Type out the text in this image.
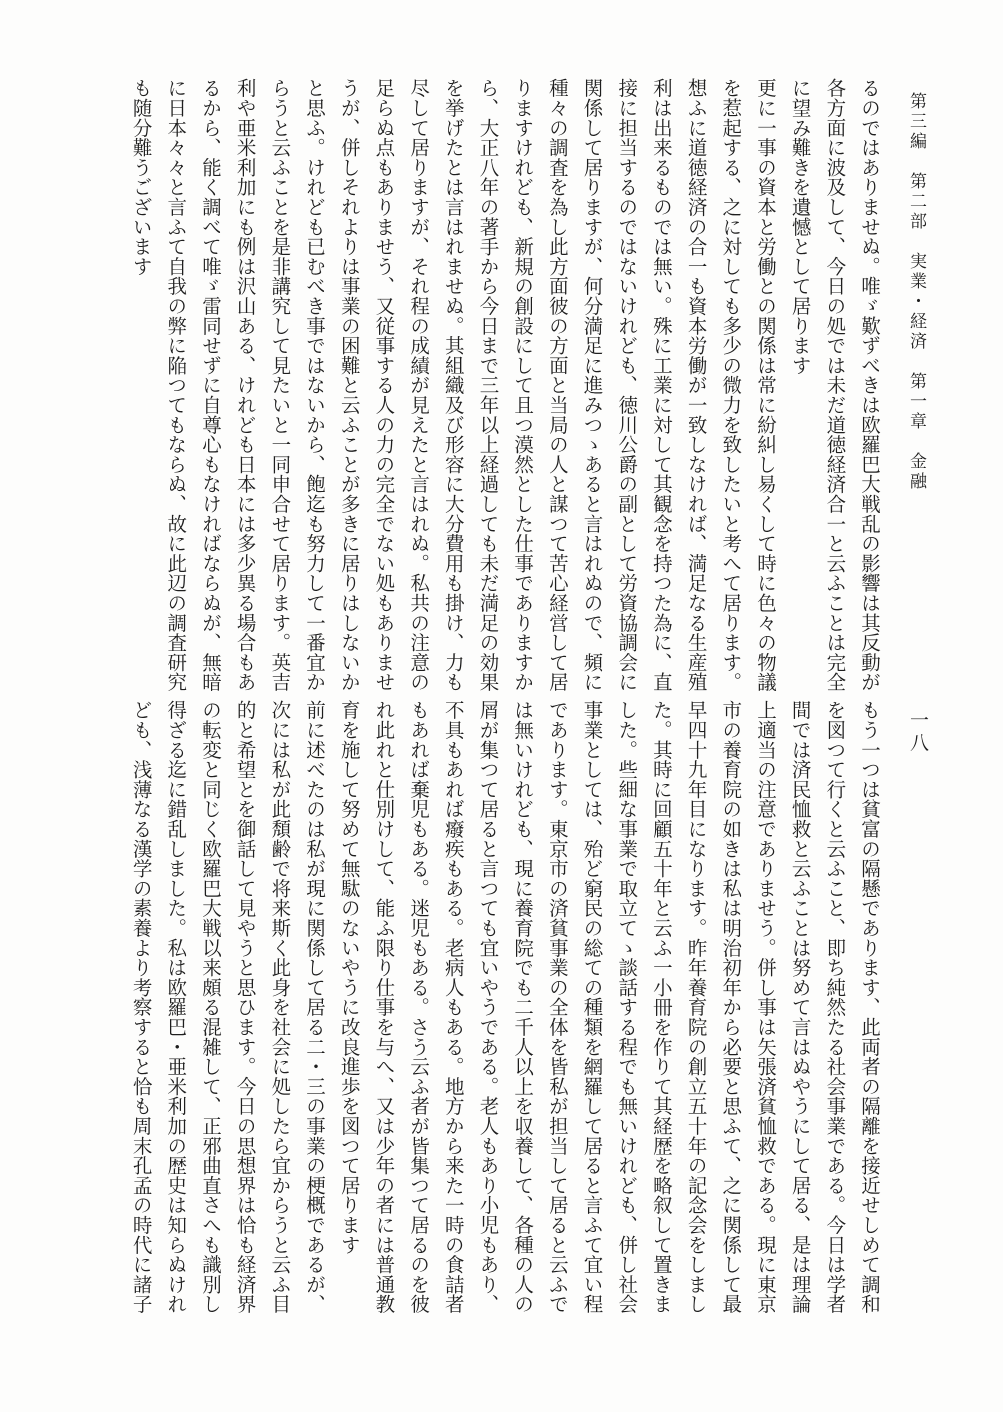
第三編　第二部　実業・経済　第一章　金融
一八
るのではありませぬ。唯ゞ歎ずべきは欧羅巴大戦乱の影響は其反動が
各方面に波及して、今日の処では未だ道徳経済合一と云ふことは完全
に望み難きを遺憾として居ります
更に一事の資本と労働との関係は常に紛糾し易くして時に色々の物議
を惹起する、之に対しても多少の微力を致したいと考へて居ります。
想ふに道徳経済の合一も資本労働が一致しなければ、満足なる生産殖
利は出来るものでは無い。殊に工業に対して其観念を持つた為に、直
接に担当するのではないけれども、徳川公爵の副として労資協調会に
関係して居りますが、何分満足に進みつゝあると言はれぬので、頻に
種々の調査を為し此方面彼の方面と当局の人と謀つて苦心経営して居
りますけれども、新規の創設にして且つ漠然とした仕事でありますか
ら、大正八年の著手から今日まで三年以上経過しても未だ満足の効果
を挙げたとは言はれませぬ。其組織及び形容に大分費用も掛け、力も
尽して居りますが、それ程の成績が見えたと言はれぬ。私共の注意の
足らぬ点もありませう、又従事する人の力の完全でない処もありませ
うが、併しそれよりは事業の困難と云ふことが多きに居りはしないか
と思ふ。けれども已むべき事ではないから、飽迄も努力して一番宜か
らうと云ふことを是非講究して見たいと一同申合せて居ります。英吉
利や亜米利加にも例は沢山ある、けれども日本には多少異る場合もあ
るから、能く調べて唯ゞ雷同せずに自尊心もなければならぬが、無暗
に日本々々と言ふて自我の弊に陥つてもならぬ、故に此辺の調査研究
も随分難うございます
もう一つは貧富の隔懸であります、此両者の隔離を接近せしめて調和
を図つて行くと云ふこと、即ち純然たる社会事業である。今日は学者
間では済民恤救と云ふことは努めて言はぬやうにして居る、是は理論
上適当の注意でありませう。併し事は矢張済貧恤救である。現に東京
市の養育院の如きは私は明治初年から必要と思ふて、之に関係して最
早四十九年目になります。昨年養育院の創立五十年の記念会をしまし
た。其時に回顧五十年と云ふ一小冊を作りて其経歴を略叙して置きま
した。些細な事業で取立てゝ談話する程でも無いけれども、併し社会
事業としては、殆ど窮民の総ての種類を網羅して居ると言ふて宜い程
であります。東京市の済貧事業の全体を皆私が担当して居ると云ふで
は無いけれども、現に養育院でも二千人以上を収養して、各種の人の
屑が集つて居ると言つても宜いやうである。老人もあり小児もあり、
不具もあれば癈疾もある。老病人もある。地方から来た一時の食詰者
もあれば棄児もある。迷児もある。さう云ふ者が皆集つて居るのを彼
れ此れと仕別けして、能ふ限り仕事を与へ、又は少年の者には普通教
育を施して努めて無駄のないやうに改良進歩を図つて居ります
前に述べたのは私が現に関係して居る二・三の事業の梗概であるが、
次には私が此頽齢で将来斯く此身を社会に処したら宜からうと云ふ目
的と希望とを御話して見やうと思ひます。今日の思想界は恰も経済界
の転変と同じく欧羅巴大戦以来頗る混雑して、正邪曲直さへも識別し
得ざる迄に錯乱しました。私は欧羅巴・亜米利加の歴史は知らぬけれ
ども、浅薄なる漢学の素養より考察すると恰も周末孔孟の時代に諸子
